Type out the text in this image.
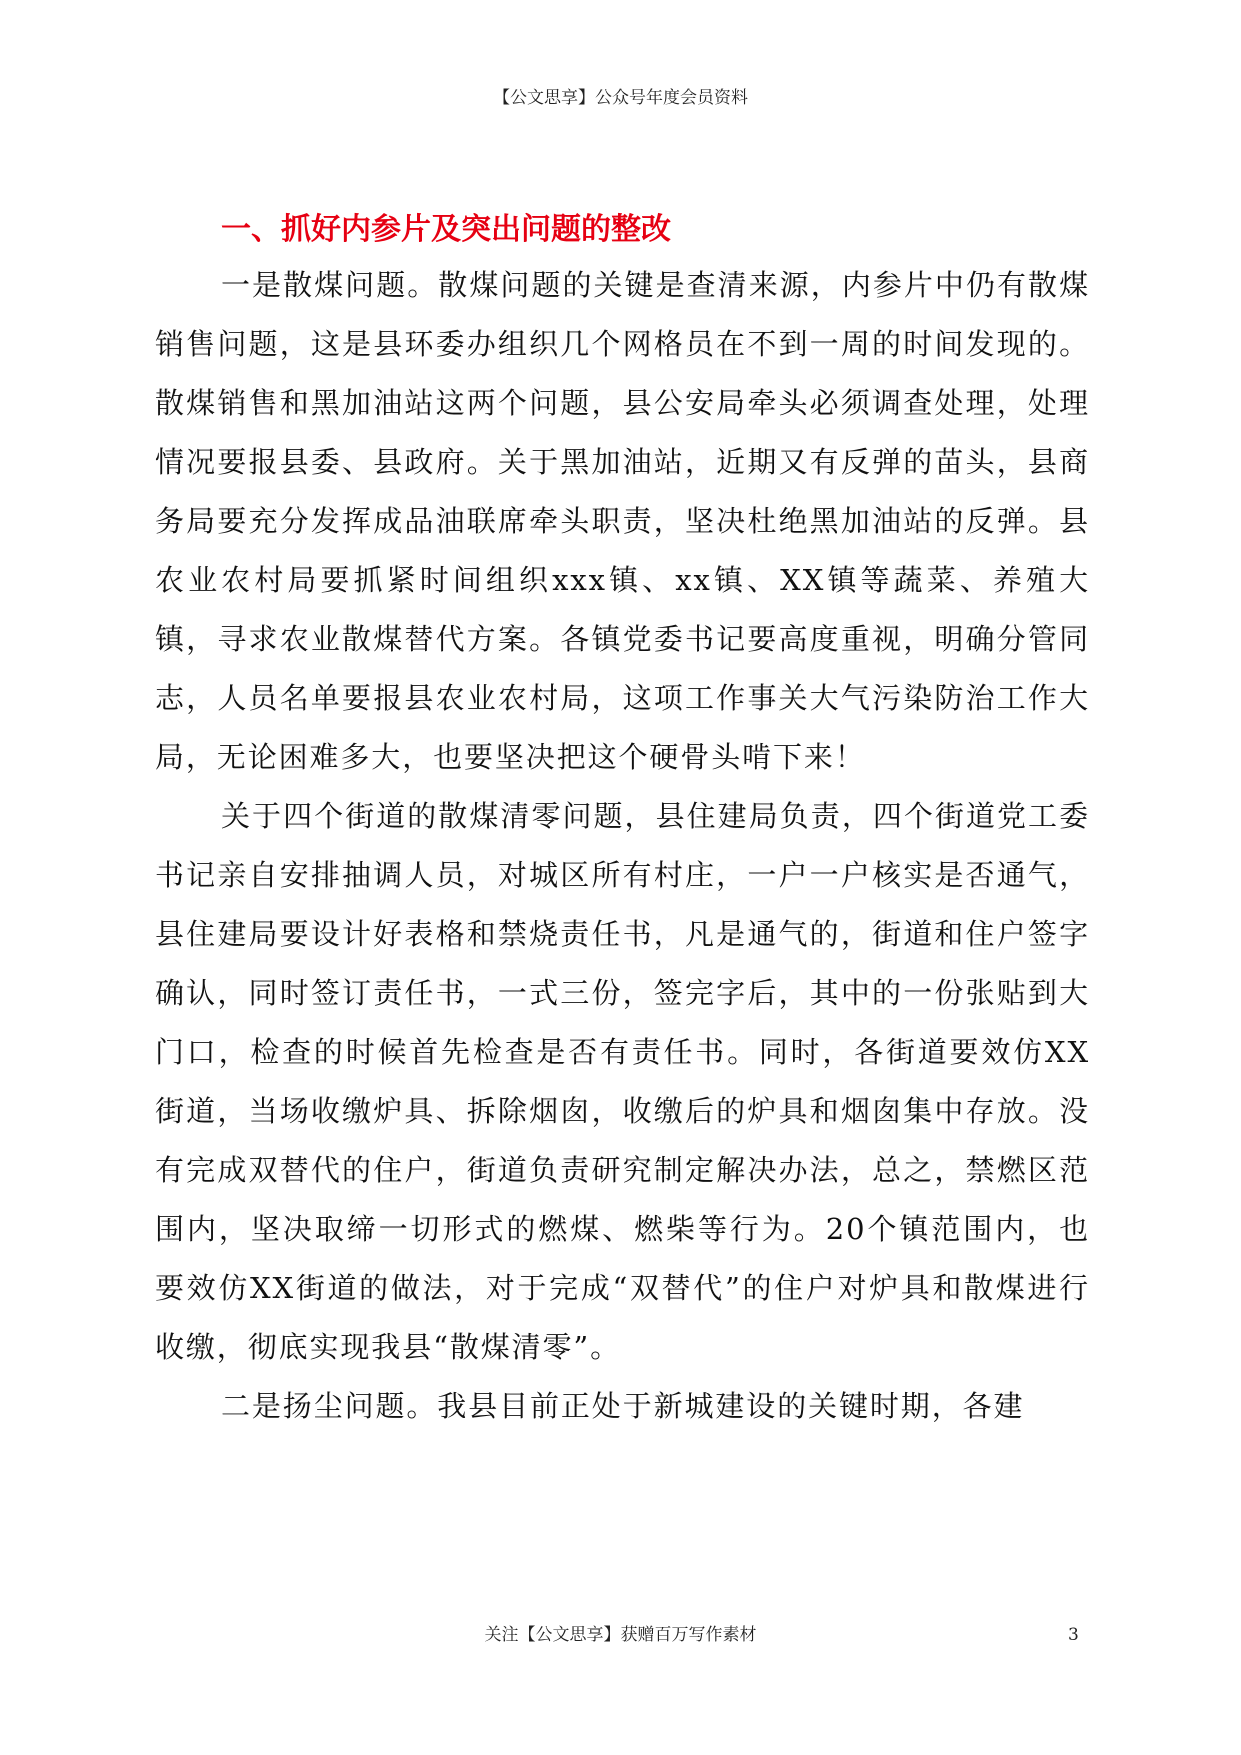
【公文思享】公众号年度会员资料
一、抓好内参片及突出问题的整改

一是散煤问题。散煤问题的关键是查清来源，内参片中仍有散煤销售问题，这是县环委办组织几个网格员在不到一周的时间发现的。散煤销售和黑加油站这两个问题，县公安局牵头必须调查处理，处理情况要报县委、县政府。关于黑加油站，近期又有反弹的苗头，县商务局要充分发挥成品油联席牵头职责，坚决杜绝黑加油站的反弹。县农业农村局要抓紧时间组织xxx镇、xx镇、XX镇等蔬菜、养殖大镇，寻求农业散煤替代方案。各镇党委书记要高度重视，明确分管同志，人员名单要报县农业农村局，这项工作事关大气污染防治工作大局，无论困难多大，也要坚决把这个硬骨头啃下来！

关于四个街道的散煤清零问题，县住建局负责，四个街道党工委书记亲自安排抽调人员，对城区所有村庄，一户一户核实是否通气，县住建局要设计好表格和禁烧责任书，凡是通气的，街道和住户签字确认，同时签订责任书，一式三份，签完字后，其中的一份张贴到大门口，检查的时候首先检查是否有责任书。同时，各街道要效仿XX街道，当场收缴炉具、拆除烟囱，收缴后的炉具和烟囱集中存放。没有完成双替代的住户，街道负责研究制定解决办法，总之，禁燃区范围内，坚决取缔一切形式的燃煤、燃柴等行为。20个镇范围内，也要效仿XX街道的做法，对于完成“双替代”的住户对炉具和散煤进行收缴，彻底实现我县“散煤清零”。

二是扬尘问题。我县目前正处于新城建设的关键时期，各建

关注【公文思享】获赠百万写作素材	3
